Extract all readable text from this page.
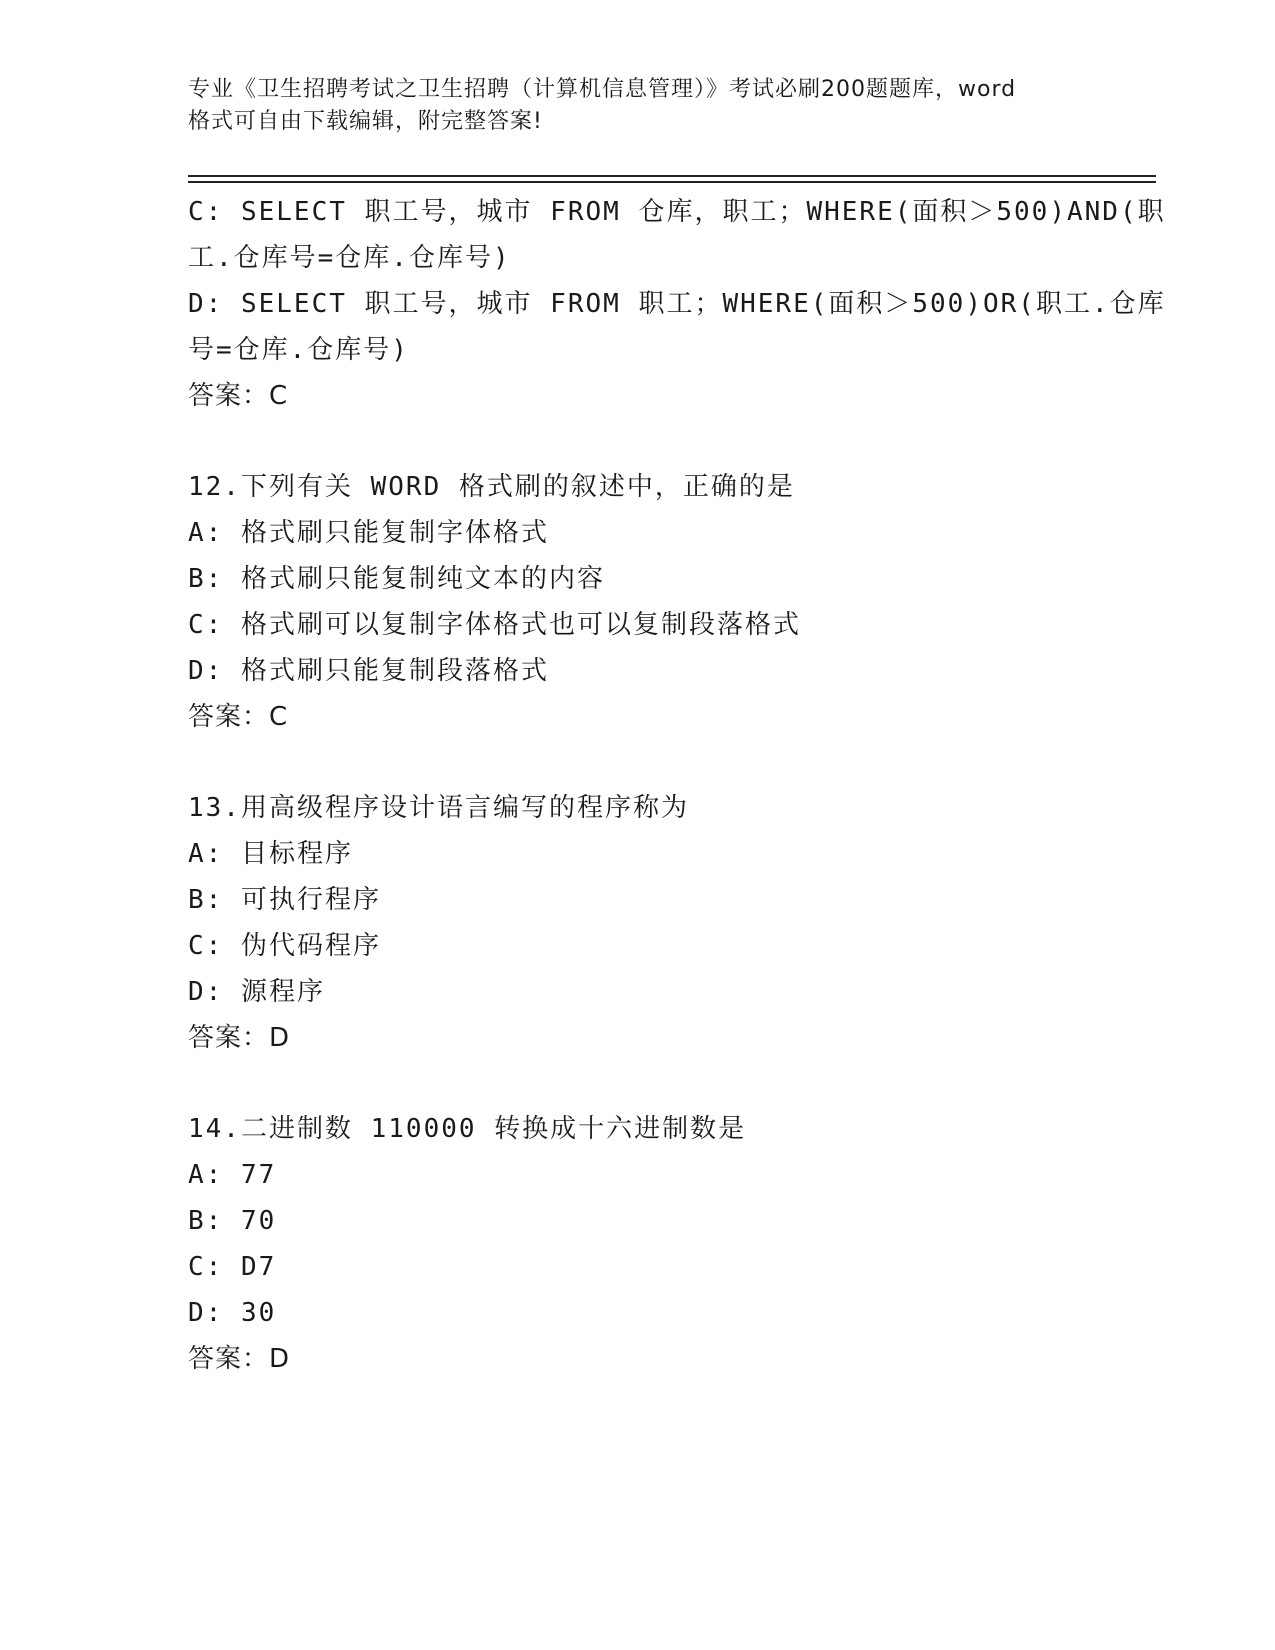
专业《卫生招聘考试之卫生招聘（计算机信息管理）》考试必刷200题题库，word
格式可自由下载编辑，附完整答案!
C: SELECT 职工号，城市 FROM 仓库，职工；WHERE(面积＞500)AND(职
工.仓库号=仓库.仓库号)
D: SELECT 职工号，城市 FROM 职工；WHERE(面积＞500)OR(职工.仓库
号=仓库.仓库号)
答案：C
12.下列有关 WORD 格式刷的叙述中，正确的是
A: 格式刷只能复制字体格式
B: 格式刷只能复制纯文本的内容
C: 格式刷可以复制字体格式也可以复制段落格式
D: 格式刷只能复制段落格式
答案：C
13.用高级程序设计语言编写的程序称为
A: 目标程序
B: 可执行程序
C: 伪代码程序
D: 源程序
答案：D
14.二进制数 110000 转换成十六进制数是
A: 77
B: 70
C: D7
D: 30
答案：D
